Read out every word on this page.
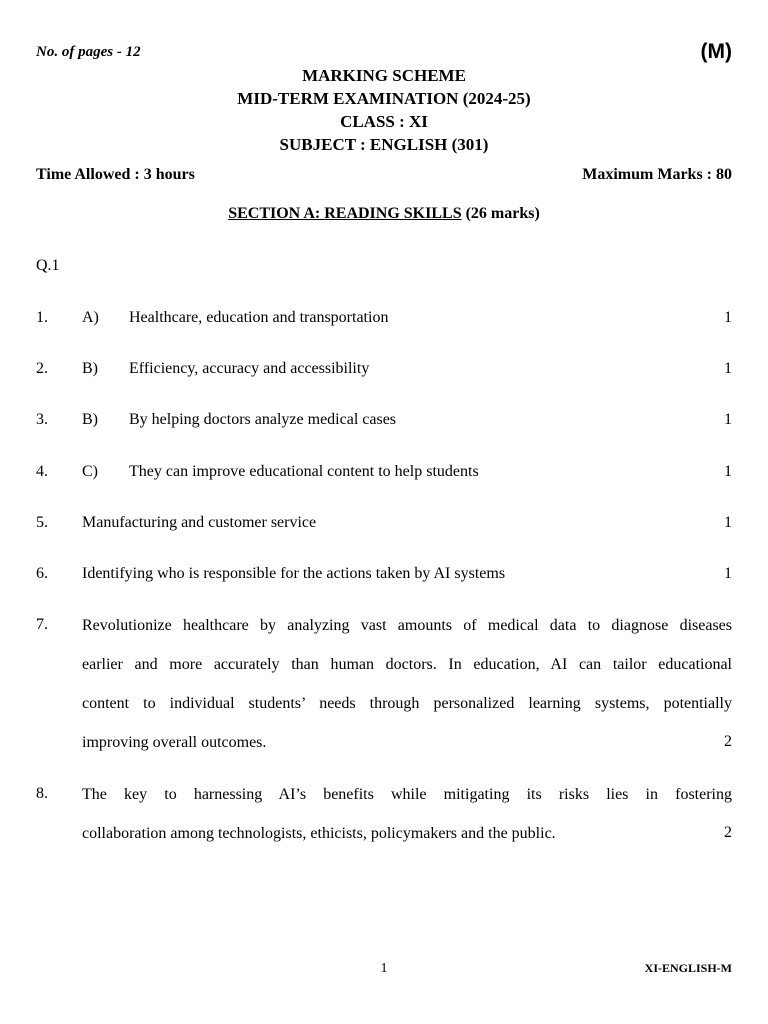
No. of pages - 12	(M)
MARKING SCHEME
MID-TERM EXAMINATION (2024-25)
CLASS : XI
SUBJECT : ENGLISH (301)
Time Allowed : 3 hours	Maximum Marks : 80
SECTION A: READING SKILLS (26 marks)
Q.1
1. A) Healthcare, education and transportation	1
2. B) Efficiency, accuracy and accessibility	1
3. B) By helping doctors analyze medical cases	1
4. C) They can improve educational content to help students	1
5. Manufacturing and customer service	1
6. Identifying who is responsible for the actions taken by AI systems	1
7. Revolutionize healthcare by analyzing vast amounts of medical data to diagnose diseases
earlier and more accurately than human doctors. In education, AI can tailor educational
content to individual students’ needs through personalized learning systems, potentially
improving overall outcomes.	2
8. The key to harnessing AI’s benefits while mitigating its risks lies in fostering
collaboration among technologists, ethicists, policymakers and the public.	2
1	XI-ENGLISH-M
